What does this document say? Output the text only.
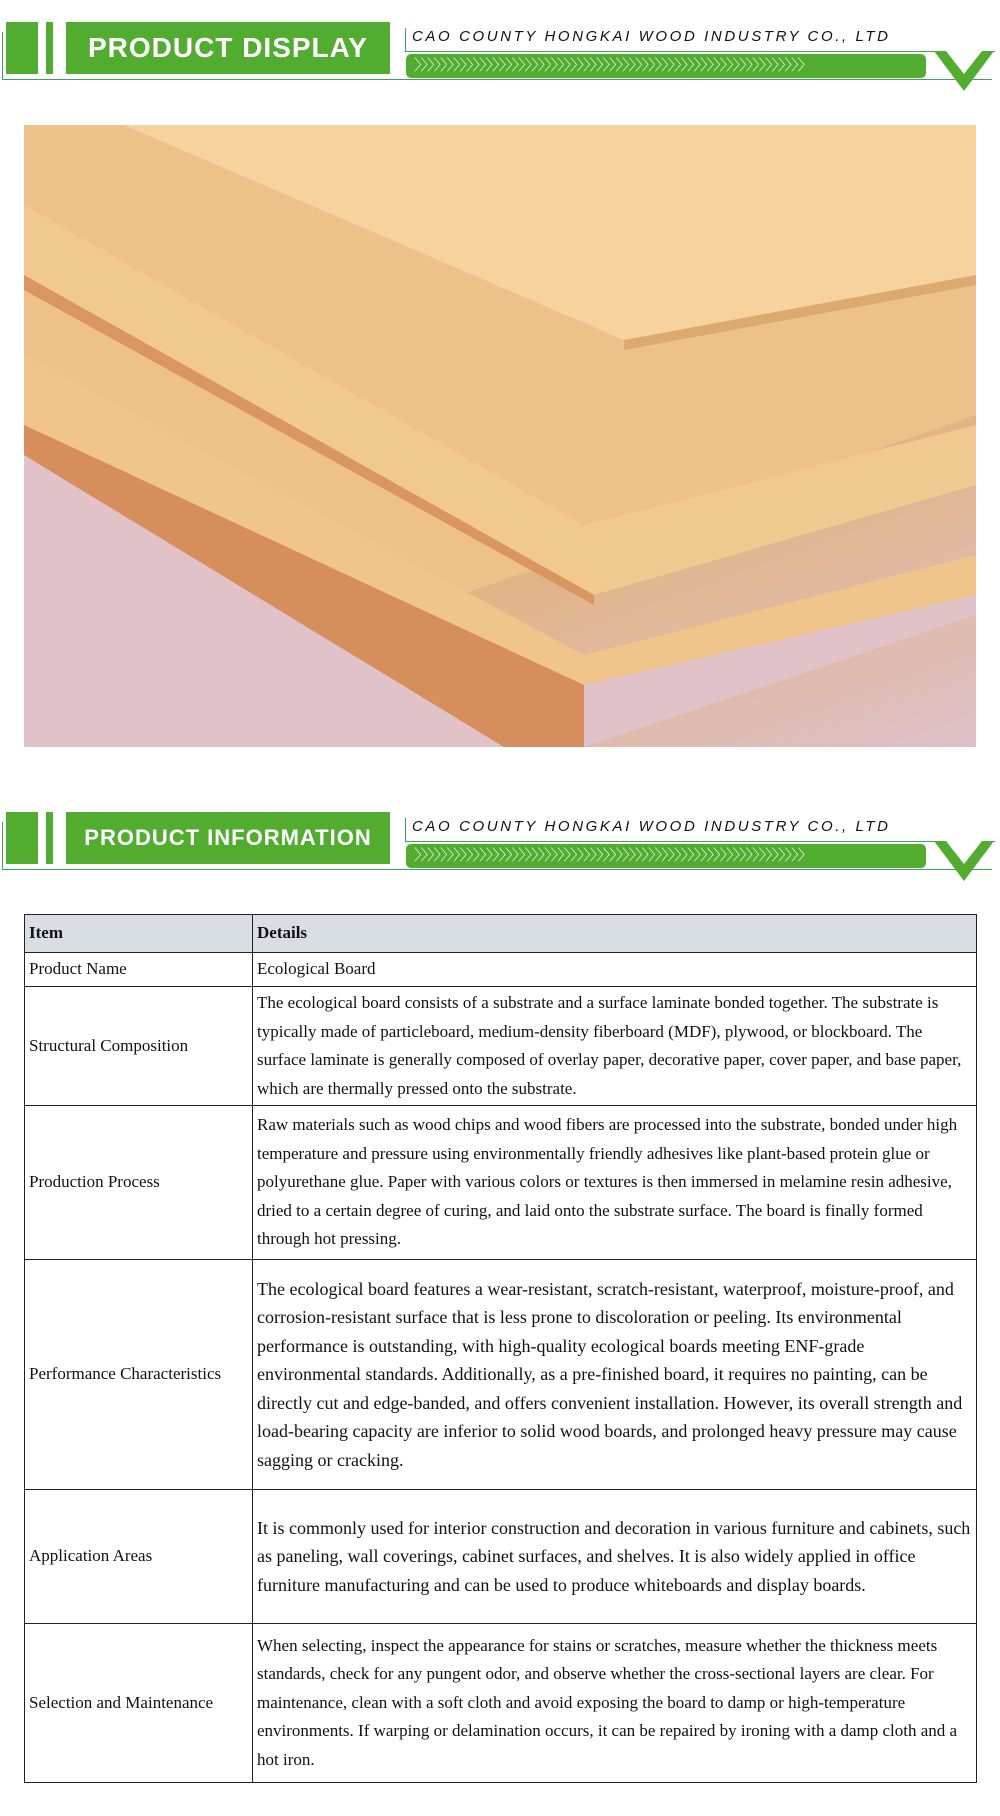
PRODUCT DISPLAY	CAO COUNTY HONGKAI WOOD INDUSTRY CO., LTD
〉〉〉〉〉〉〉〉〉〉〉〉〉〉〉〉〉〉〉〉〉〉〉〉〉〉〉〉〉〉〉〉〉〉〉〉〉〉〉〉〉〉〉〉〉〉〉〉〉〉〉〉〉〉〉〉〉〉〉〉
PRODUCT INFORMATION	CAO COUNTY HONGKAI WOOD INDUSTRY CO., LTD
〉〉〉〉〉〉〉〉〉〉〉〉〉〉〉〉〉〉〉〉〉〉〉〉〉〉〉〉〉〉〉〉〉〉〉〉〉〉〉〉〉〉〉〉〉〉〉〉〉〉〉〉〉〉〉〉〉〉〉〉
Item	Details
Product Name	Ecological Board
Structural Composition	The ecological board consists of a substrate and a surface laminate bonded together. The substrate is typically made of particleboard, medium-density fiberboard (MDF), plywood, or blockboard. The surface laminate is generally composed of overlay paper, decorative paper, cover paper, and base paper, which are thermally pressed onto the substrate.
Production Process	Raw materials such as wood chips and wood fibers are processed into the substrate, bonded under high temperature and pressure using environmentally friendly adhesives like plant-based protein glue or polyurethane glue. Paper with various colors or textures is then immersed in melamine resin adhesive, dried to a certain degree of curing, and laid onto the substrate surface. The board is finally formed through hot pressing.
Performance Characteristics	The ecological board features a wear-resistant, scratch-resistant, waterproof, moisture-proof, and corrosion-resistant surface that is less prone to discoloration or peeling. Its environmental performance is outstanding, with high-quality ecological boards meeting ENF-grade environmental standards. Additionally, as a pre-finished board, it requires no painting, can be directly cut and edge-banded, and offers convenient installation. However, its overall strength and load-bearing capacity are inferior to solid wood boards, and prolonged heavy pressure may cause sagging or cracking.
Application Areas	It is commonly used for interior construction and decoration in various furniture and cabinets, such as paneling, wall coverings, cabinet surfaces, and shelves. It is also widely applied in office furniture manufacturing and can be used to produce whiteboards and display boards.
Selection and Maintenance	When selecting, inspect the appearance for stains or scratches, measure whether the thickness meets standards, check for any pungent odor, and observe whether the cross-sectional layers are clear. For maintenance, clean with a soft cloth and avoid exposing the board to damp or high-temperature environments. If warping or delamination occurs, it can be repaired by ironing with a damp cloth and a hot iron.
